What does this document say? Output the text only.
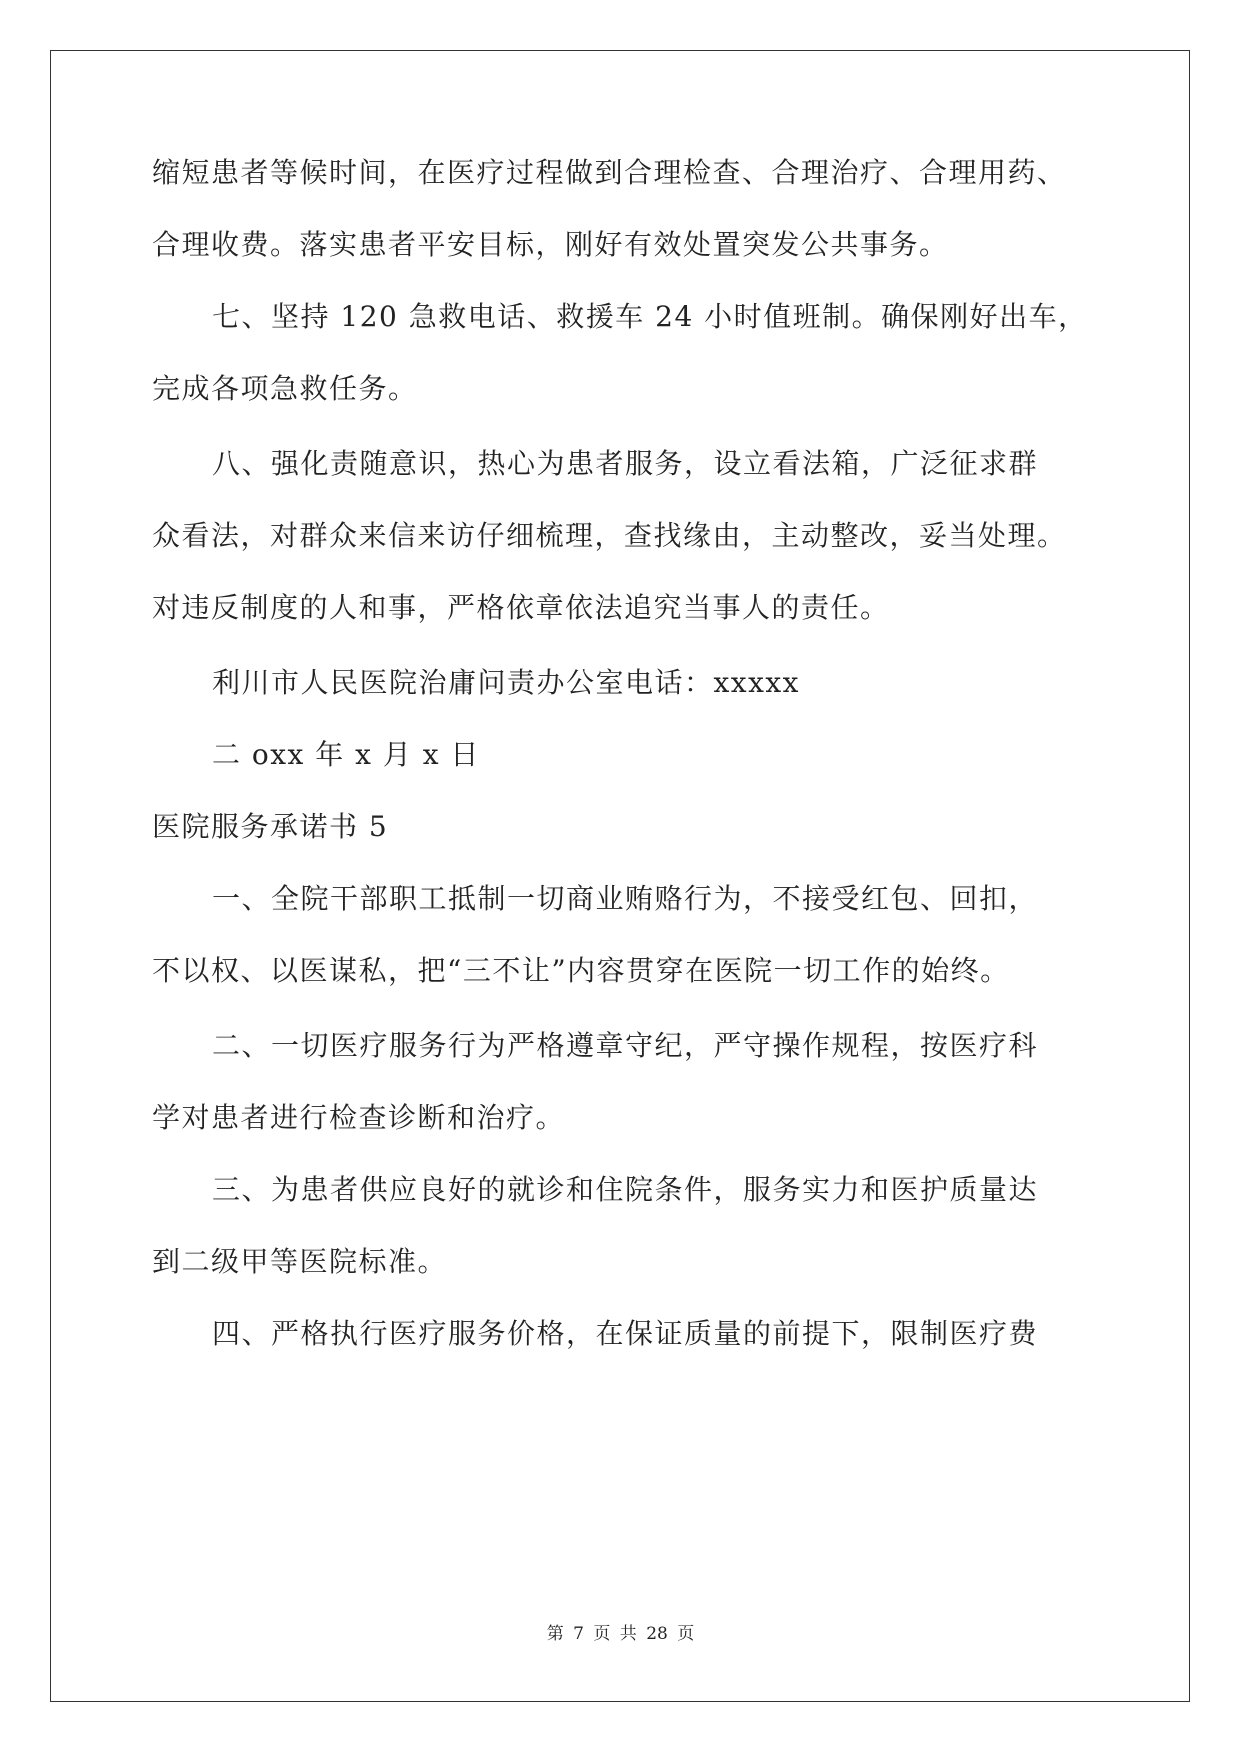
缩短患者等候时间，在医疗过程做到合理检查、合理治疗、合理用药、
合理收费。落实患者平安目标，刚好有效处置突发公共事务。
七、坚持 120 急救电话、救援车 24 小时值班制。确保刚好出车，
完成各项急救任务。
八、强化责随意识，热心为患者服务，设立看法箱，广泛征求群
众看法，对群众来信来访仔细梳理，查找缘由，主动整改，妥当处理。
对违反制度的人和事，严格依章依法追究当事人的责任。
利川市人民医院治庸问责办公室电话：xxxxx
二 oxx 年 x 月 x 日
医院服务承诺书 5
一、全院干部职工抵制一切商业贿赂行为，不接受红包、回扣，
不以权、以医谋私，把“三不让”内容贯穿在医院一切工作的始终。
二、一切医疗服务行为严格遵章守纪，严守操作规程，按医疗科
学对患者进行检查诊断和治疗。
三、为患者供应良好的就诊和住院条件，服务实力和医护质量达
到二级甲等医院标准。
四、严格执行医疗服务价格，在保证质量的前提下，限制医疗费
第 7 页 共 28 页
